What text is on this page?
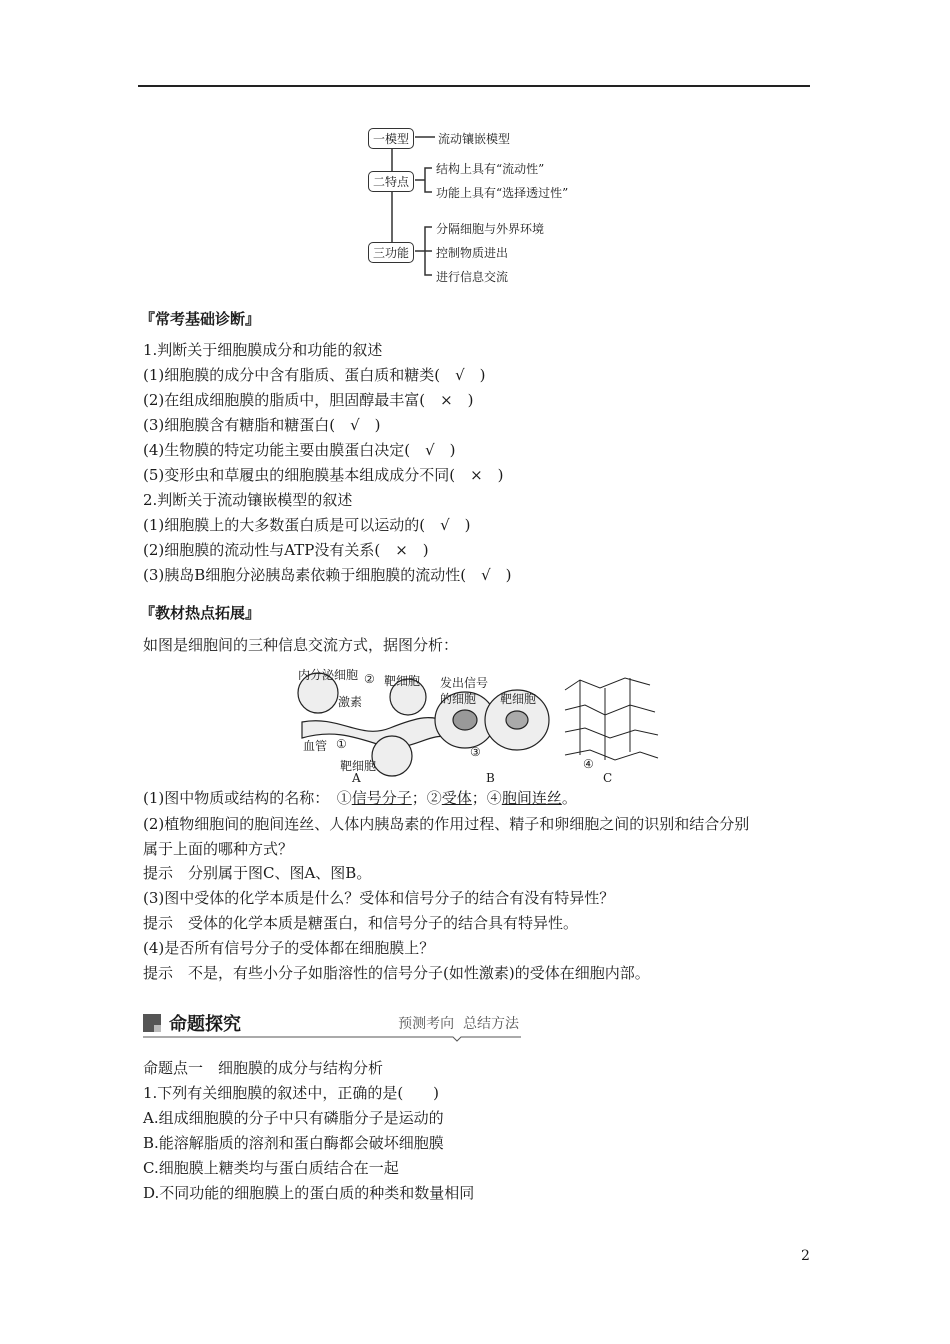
一模型
二特点
三功能
流动镶嵌模型
结构上具有“流动性”
功能上具有“选择透过性”
分隔细胞与外界环境
控制物质进出
进行信息交流
『常考基础诊断』
1.判断关于细胞膜成分和功能的叙述
(1)细胞膜的成分中含有脂质、蛋白质和糖类(　√　)
(2)在组成细胞膜的脂质中，胆固醇最丰富(　×　)
(3)细胞膜含有糖脂和糖蛋白(　√　)
(4)生物膜的特定功能主要由膜蛋白决定(　√　)
(5)变形虫和草履虫的细胞膜基本组成成分不同(　×　)
2.判断关于流动镶嵌模型的叙述
(1)细胞膜上的大多数蛋白质是可以运动的(　√　)
(2)细胞膜的流动性与ATP没有关系(　×　)
(3)胰岛B细胞分泌胰岛素依赖于细胞膜的流动性(　√　)
『教材热点拓展』
如图是细胞间的三种信息交流方式，据图分析：
内分泌细胞 ② 靶细胞
激素
血管 ①
靶细胞
A
发出信号
的细胞 靶细胞
③
B
④
C
(1)图中物质或结构的名称：　①信号分子；②受体；④胞间连丝。
(2)植物细胞间的胞间连丝、人体内胰岛素的作用过程、精子和卵细胞之间的识别和结合分别
属于上面的哪种方式？
提示　分别属于图C、图A、图B。
(3)图中受体的化学本质是什么？受体和信号分子的结合有没有特异性？
提示　受体的化学本质是糖蛋白，和信号分子的结合具有特异性。
(4)是否所有信号分子的受体都在细胞膜上？
提示　不是，有些小分子如脂溶性的信号分子(如性激素)的受体在细胞内部。
命题探究	预测考向  总结方法
命题点一　细胞膜的成分与结构分析
1.下列有关细胞膜的叙述中，正确的是(　　)
A.组成细胞膜的分子中只有磷脂分子是运动的
B.能溶解脂质的溶剂和蛋白酶都会破坏细胞膜
C.细胞膜上糖类均与蛋白质结合在一起
D.不同功能的细胞膜上的蛋白质的种类和数量相同
2
